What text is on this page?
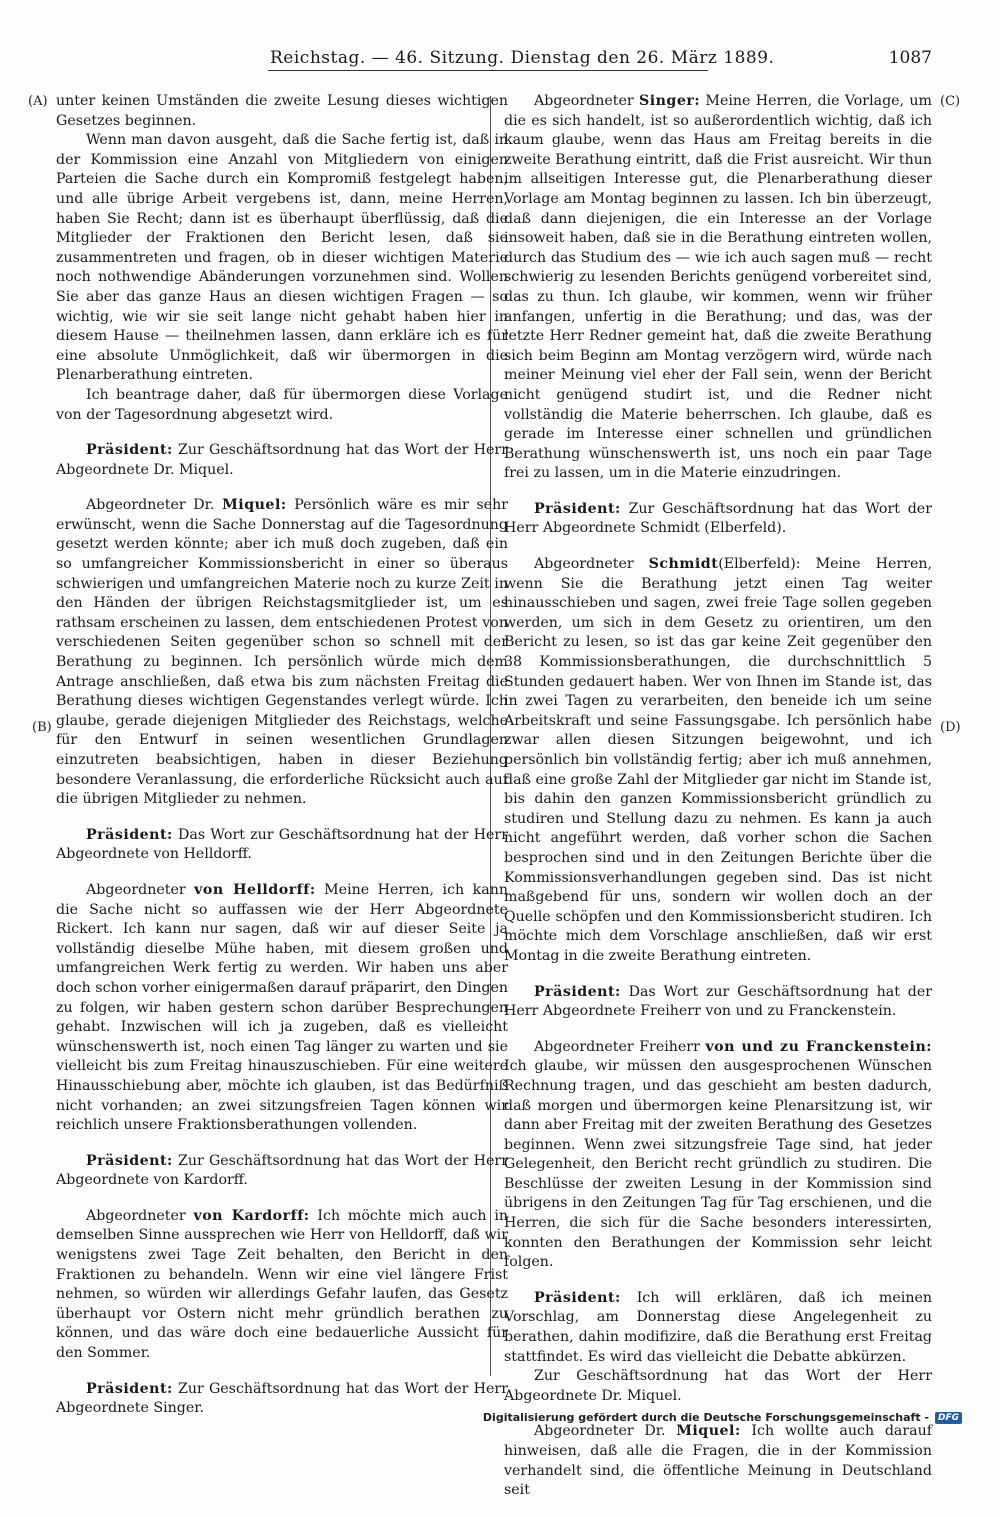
Reichstag. — 46. Sitzung. Dienstag den 26. März 1889.	1087
(A)
(B)
(C)
(D)

unter keinen Umständen die zweite Lesung dieses wichtigen Gesetzes beginnen.

Wenn man davon ausgeht, daß die Sache fertig ist, daß in der Kommission eine Anzahl von Mitgliedern von einigen Parteien die Sache durch ein Kompromiß festgelegt haben, und alle übrige Arbeit vergebens ist, dann, meine Herren, haben Sie Recht; dann ist es überhaupt überflüssig, daß die Mitglieder der Fraktionen den Bericht lesen, daß sie zusammentreten und fragen, ob in dieser wichtigen Materie noch nothwendige Abänderungen vorzunehmen sind. Wollen Sie aber das ganze Haus an diesen wichtigen Fragen — so wichtig, wie wir sie seit lange nicht gehabt haben hier in diesem Hause — theilnehmen lassen, dann erkläre ich es für eine absolute Unmöglichkeit, daß wir übermorgen in die Plenarberathung eintreten.

Ich beantrage daher, daß für übermorgen diese Vorlage von der Tagesordnung abgesetzt wird.

Präsident: Zur Geschäftsordnung hat das Wort der Herr Abgeordnete Dr. Miquel.

Abgeordneter Dr. Miquel: Persönlich wäre es mir sehr erwünscht, wenn die Sache Donnerstag auf die Tagesordnung gesetzt werden könnte; aber ich muß doch zugeben, daß ein so umfangreicher Kommissionsbericht in einer so überaus schwierigen und umfangreichen Materie noch zu kurze Zeit in den Händen der übrigen Reichstagsmitglieder ist, um es rathsam erscheinen zu lassen, dem entschiedenen Protest von verschiedenen Seiten gegenüber schon so schnell mit der Berathung zu beginnen. Ich persönlich würde mich dem Antrage anschließen, daß etwa bis zum nächsten Freitag die Berathung dieses wichtigen Gegenstandes verlegt würde. Ich glaube, gerade diejenigen Mitglieder des Reichstags, welche für den Entwurf in seinen wesentlichen Grundlagen einzutreten beabsichtigen, haben in dieser Beziehung besondere Veranlassung, die erforderliche Rücksicht auch auf die übrigen Mitglieder zu nehmen.

Präsident: Das Wort zur Geschäftsordnung hat der Herr Abgeordnete von Helldorff.

Abgeordneter von Helldorff: Meine Herren, ich kann die Sache nicht so auffassen wie der Herr Abgeordnete Rickert. Ich kann nur sagen, daß wir auf dieser Seite ja vollständig dieselbe Mühe haben, mit diesem großen und umfangreichen Werk fertig zu werden. Wir haben uns aber doch schon vorher einigermaßen darauf präparirt, den Dingen zu folgen, wir haben gestern schon darüber Besprechungen gehabt. Inzwischen will ich ja zugeben, daß es vielleicht wünschenswerth ist, noch einen Tag länger zu warten und sie vielleicht bis zum Freitag hinauszuschieben. Für eine weitere Hinausschiebung aber, möchte ich glauben, ist das Bedürfniß nicht vorhanden; an zwei sitzungsfreien Tagen können wir reichlich unsere Fraktionsberathungen vollenden.

Präsident: Zur Geschäftsordnung hat das Wort der Herr Abgeordnete von Kardorff.

Abgeordneter von Kardorff: Ich möchte mich auch in demselben Sinne aussprechen wie Herr von Helldorff, daß wir wenigstens zwei Tage Zeit behalten, den Bericht in den Fraktionen zu behandeln. Wenn wir eine viel längere Frist nehmen, so würden wir allerdings Gefahr laufen, das Gesetz überhaupt vor Ostern nicht mehr gründlich berathen zu können, und das wäre doch eine bedauerliche Aussicht für den Sommer.

Präsident: Zur Geschäftsordnung hat das Wort der Herr Abgeordnete Singer.

Abgeordneter Singer: Meine Herren, die Vorlage, um die es sich handelt, ist so außerordentlich wichtig, daß ich kaum glaube, wenn das Haus am Freitag bereits in die zweite Berathung eintritt, daß die Frist ausreicht. Wir thun im allseitigen Interesse gut, die Plenarberathung dieser Vorlage am Montag beginnen zu lassen. Ich bin überzeugt, daß dann diejenigen, die ein Interesse an der Vorlage insoweit haben, daß sie in die Berathung eintreten wollen, durch das Studium des — wie ich auch sagen muß — recht schwierig zu lesenden Berichts genügend vorbereitet sind, das zu thun. Ich glaube, wir kommen, wenn wir früher anfangen, unfertig in die Berathung; und das, was der letzte Herr Redner gemeint hat, daß die zweite Berathung sich beim Beginn am Montag verzögern wird, würde nach meiner Meinung viel eher der Fall sein, wenn der Bericht nicht genügend studirt ist, und die Redner nicht vollständig die Materie beherrschen. Ich glaube, daß es gerade im Interesse einer schnellen und gründlichen Berathung wünschenswerth ist, uns noch ein paar Tage frei zu lassen, um in die Materie einzudringen.

Präsident: Zur Geschäftsordnung hat das Wort der Herr Abgeordnete Schmidt (Elberfeld).

Abgeordneter Schmidt(Elberfeld): Meine Herren, wenn Sie die Berathung jetzt einen Tag weiter hinausschieben und sagen, zwei freie Tage sollen gegeben werden, um sich in dem Gesetz zu orientiren, um den Bericht zu lesen, so ist das gar keine Zeit gegenüber den 38 Kommissionsberathungen, die durchschnittlich 5 Stunden gedauert haben. Wer von Ihnen im Stande ist, das in zwei Tagen zu verarbeiten, den beneide ich um seine Arbeitskraft und seine Fassungsgabe. Ich persönlich habe zwar allen diesen Sitzungen beigewohnt, und ich persönlich bin vollständig fertig; aber ich muß annehmen, daß eine große Zahl der Mitglieder gar nicht im Stande ist, bis dahin den ganzen Kommissionsbericht gründlich zu studiren und Stellung dazu zu nehmen. Es kann ja auch nicht angeführt werden, daß vorher schon die Sachen besprochen sind und in den Zeitungen Berichte über die Kommissionsverhandlungen gegeben sind. Das ist nicht maßgebend für uns, sondern wir wollen doch an der Quelle schöpfen und den Kommissionsbericht studiren. Ich möchte mich dem Vorschlage anschließen, daß wir erst Montag in die zweite Berathung eintreten.

Präsident: Das Wort zur Geschäftsordnung hat der Herr Abgeordnete Freiherr von und zu Franckenstein.

Abgeordneter Freiherr von und zu Franckenstein: Ich glaube, wir müssen den ausgesprochenen Wünschen Rechnung tragen, und das geschieht am besten dadurch, daß morgen und übermorgen keine Plenarsitzung ist, wir dann aber Freitag mit der zweiten Berathung des Gesetzes beginnen. Wenn zwei sitzungsfreie Tage sind, hat jeder Gelegenheit, den Bericht recht gründlich zu studiren. Die Beschlüsse der zweiten Lesung in der Kommission sind übrigens in den Zeitungen Tag für Tag erschienen, und die Herren, die sich für die Sache besonders interessirten, konnten den Berathungen der Kommission sehr leicht folgen.

Präsident: Ich will erklären, daß ich meinen Vorschlag, am Donnerstag diese Angelegenheit zu berathen, dahin modifizire, daß die Berathung erst Freitag stattfindet. Es wird das vielleicht die Debatte abkürzen.

Zur Geschäftsordnung hat das Wort der Herr Abgeordnete Dr. Miquel.

Abgeordneter Dr. Miquel: Ich wollte auch darauf hinweisen, daß alle die Fragen, die in der Kommission verhandelt sind, die öffentliche Meinung in Deutschland seit

Digitalisierung gefördert durch die Deutsche Forschungsgemeinschaft -	DFG
